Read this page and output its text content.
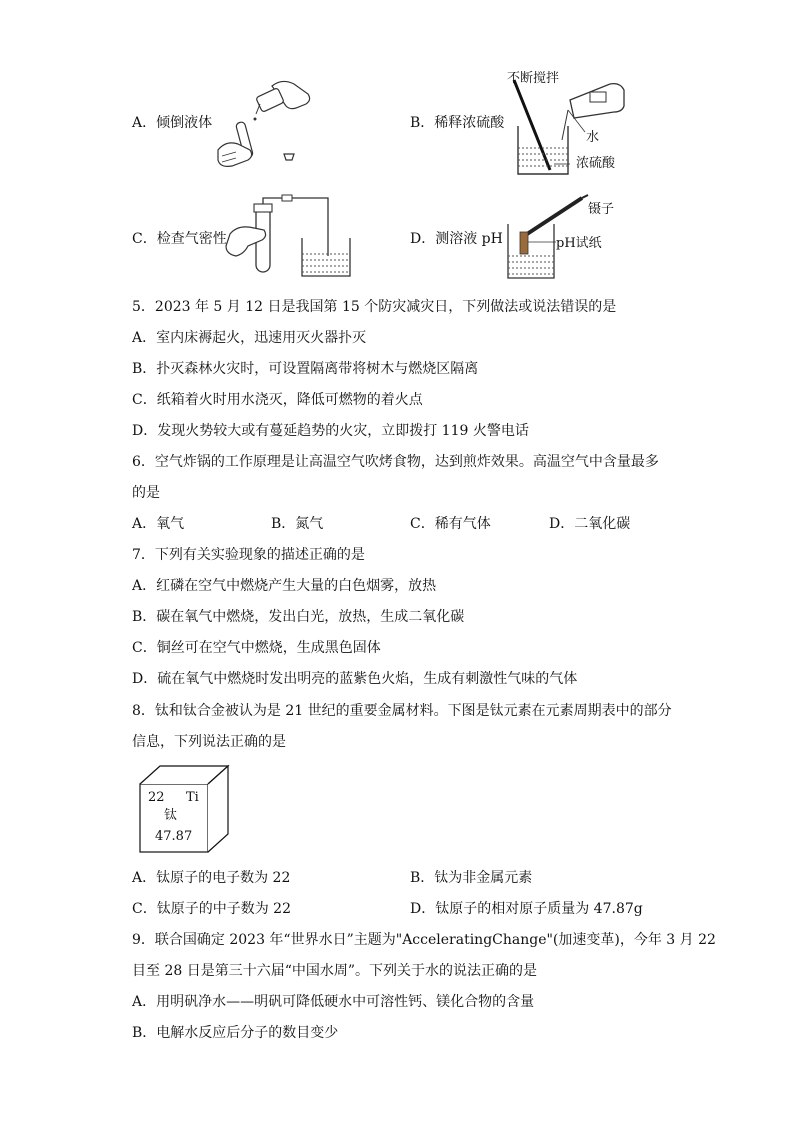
A．倾倒液体	B．稀释浓硫酸
不断搅拌
水
浓硫酸
C．检查气密性	D．测溶液 pH
镊子
pH试纸
5．2023 年 5 月 12 日是我国第 15 个防灾减灾日，下列做法或说法错误的是
A．室内床褥起火，迅速用灭火器扑灭
B．扑灭森林火灾时，可设置隔离带将树木与燃烧区隔离
C．纸箱着火时用水浇灭，降低可燃物的着火点
D．发现火势较大或有蔓延趋势的火灾，立即拨打 119 火警电话
6．空气炸锅的工作原理是让高温空气吹烤食物，达到煎炸效果。高温空气中含量最多
的是
A．氧气	B．氮气	C．稀有气体	D．二氧化碳
7．下列有关实验现象的描述正确的是
A．红磷在空气中燃烧产生大量的白色烟雾，放热
B．碳在氧气中燃烧，发出白光，放热，生成二氧化碳
C．铜丝可在空气中燃烧，生成黑色固体
D．硫在氧气中燃烧时发出明亮的蓝紫色火焰，生成有刺激性气味的气体
8．钛和钛合金被认为是 21 世纪的重要金属材料。下图是钛元素在元素周期表中的部分
信息，下列说法正确的是
22 Ti
钛
47.87
A．钛原子的电子数为 22	B．钛为非金属元素
C．钛原子的中子数为 22	D．钛原子的相对原子质量为 47.87g
9．联合国确定 2023 年“世界水日”主题为"AcceleratingChange"(加速变革)，今年 3 月 22
目至 28 日是第三十六届“中国水周”。下列关于水的说法正确的是
A．用明矾净水——明矾可降低硬水中可溶性钙、镁化合物的含量
B．电解水反应后分子的数目变少
